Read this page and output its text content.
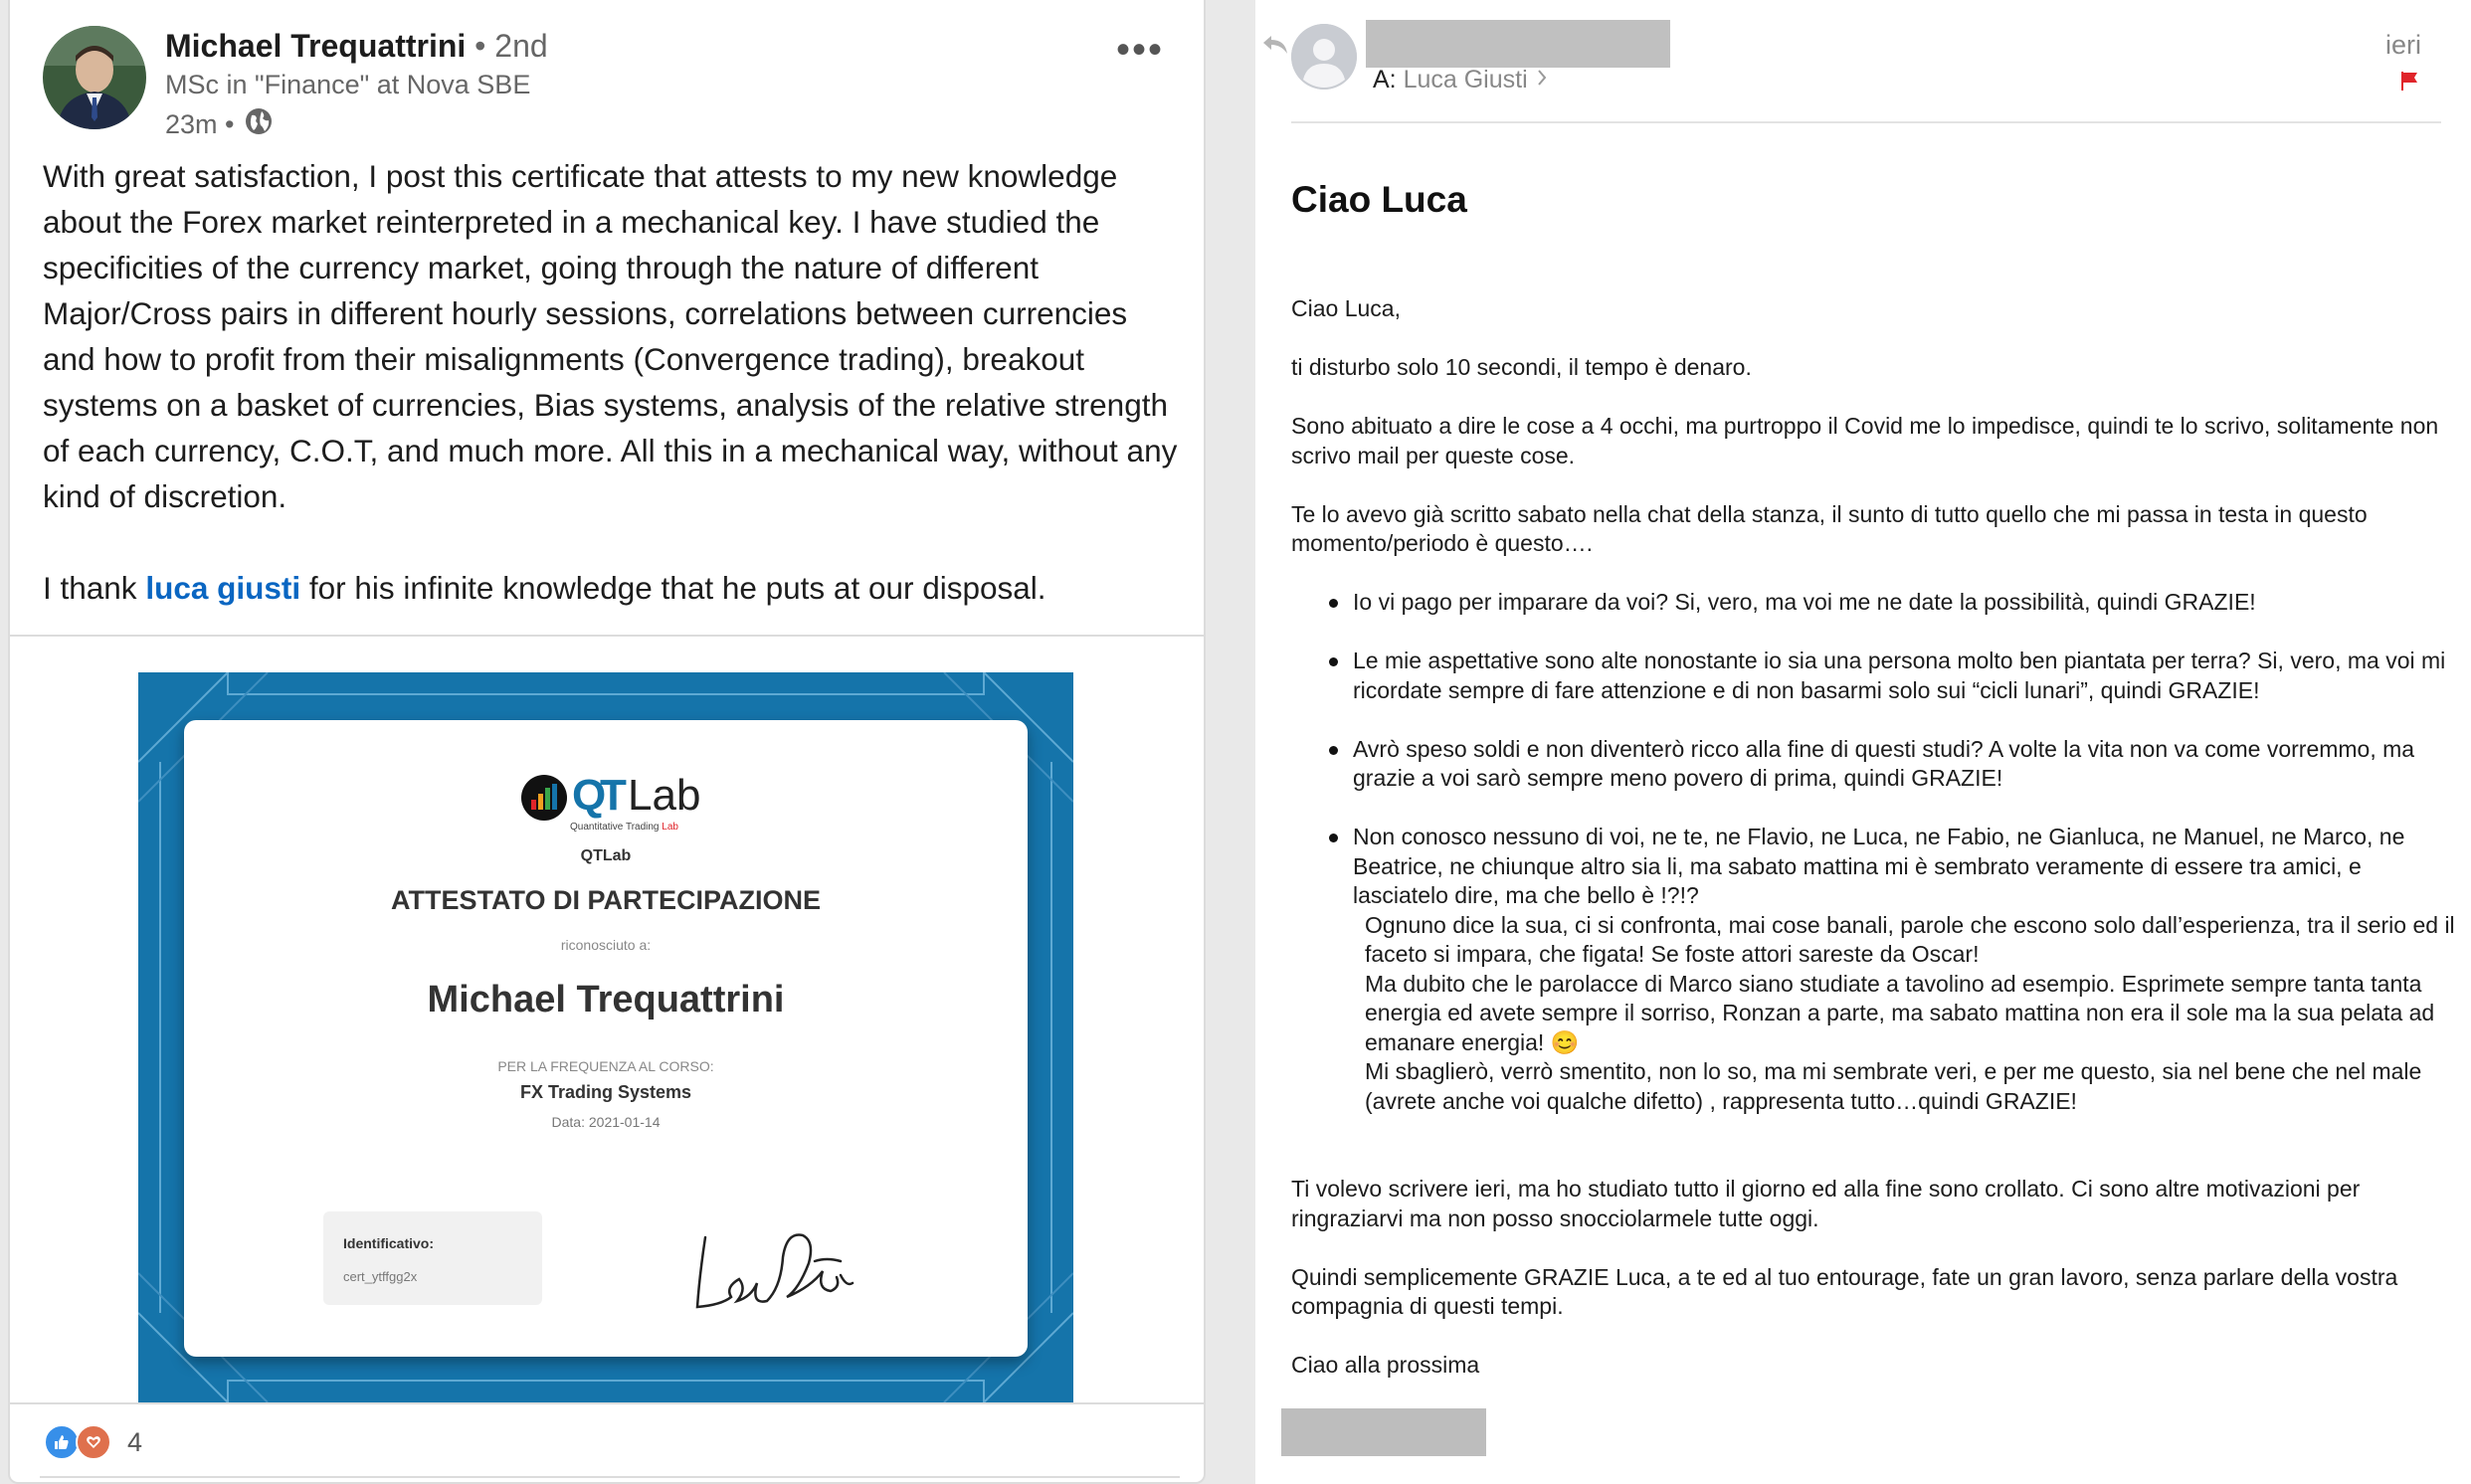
Michael Trequattrini • 2nd
MSc in "Finance" at Nova SBE
23m •
•••

With great satisfaction, I post this certificate that attests to my new knowledge about the Forex market reinterpreted in a mechanical key. I have studied the specificities of the currency market, going through the nature of different Major/Cross pairs in different hourly sessions, correlations between currencies and how to profit from their misalignments (Convergence trading), breakout systems on a basket of currencies, Bias systems, analysis of the relative strength of each currency, C.O.T, and much more. All this in a mechanical way, without any kind of discretion.

I thank luca giusti for his infinite knowledge that he puts at our disposal.

Q
T Lab
Quantitative Trading Lab
QTLab
ATTESTATO DI PARTECIPAZIONE
riconosciuto a:
Michael Trequattrini
PER LA FREQUENZA AL CORSO:
FX Trading Systems
Data: 2021-01-14
Identificativo:
cert_ytffgg2x
4
A: Luca Giusti
ieri
Ciao Luca

Ciao Luca,

ti disturbo solo 10 secondi, il tempo è denaro.

Sono abituato a dire le cose a 4 occhi, ma purtroppo il Covid me lo impedisce, quindi te lo scrivo, solitamente non scrivo mail per queste cose.

Te lo avevo già scritto sabato nella chat della stanza, il sunto di tutto quello che mi passa in testa in questo momento/periodo è questo….

Io vi pago per imparare da voi? Si, vero, ma voi me ne date la possibilità, quindi GRAZIE!
Le mie aspettative sono alte nonostante io sia una persona molto ben piantata per terra? Si, vero, ma voi mi ricordate sempre di fare attenzione e di non basarmi solo sui “cicli lunari”, quindi GRAZIE!
Avrò speso soldi e non diventerò ricco alla fine di questi studi? A volte la vita non va come vorremmo, ma grazie a voi sarò sempre meno povero di prima, quindi GRAZIE!
Non conosco nessuno di voi, ne te, ne Flavio, ne Luca, ne Fabio, ne Gianluca, ne Manuel, ne Marco, ne Beatrice, ne chiunque altro sia li, ma sabato mattina mi è sembrato veramente di essere tra amici, e lasciatelo dire, ma che bello è !?!?
Ognuno dice la sua, ci si confronta, mai cose banali, parole che escono solo dall’esperienza, tra il serio ed il faceto si impara, che figata! Se foste attori sareste da Oscar!
Ma dubito che le parolacce di Marco siano studiate a tavolino ad esempio. Esprimete sempre tanta tanta energia ed avete sempre il sorriso, Ronzan a parte, ma sabato mattina non era il sole ma la sua pelata ad emanare energia! 😊
Mi sbaglierò, verrò smentito, non lo so, ma mi sembrate veri, e per me questo, sia nel bene che nel male (avrete anche voi qualche difetto) , rappresenta tutto…quindi GRAZIE!

Ti volevo scrivere ieri, ma ho studiato tutto il giorno ed alla fine sono crollato. Ci sono altre motivazioni per ringraziarvi ma non posso snocciolarmele tutte oggi.

Quindi semplicemente GRAZIE Luca, a te ed al tuo entourage, fate un gran lavoro, senza parlare della vostra compagnia di questi tempi.

Ciao alla prossima
